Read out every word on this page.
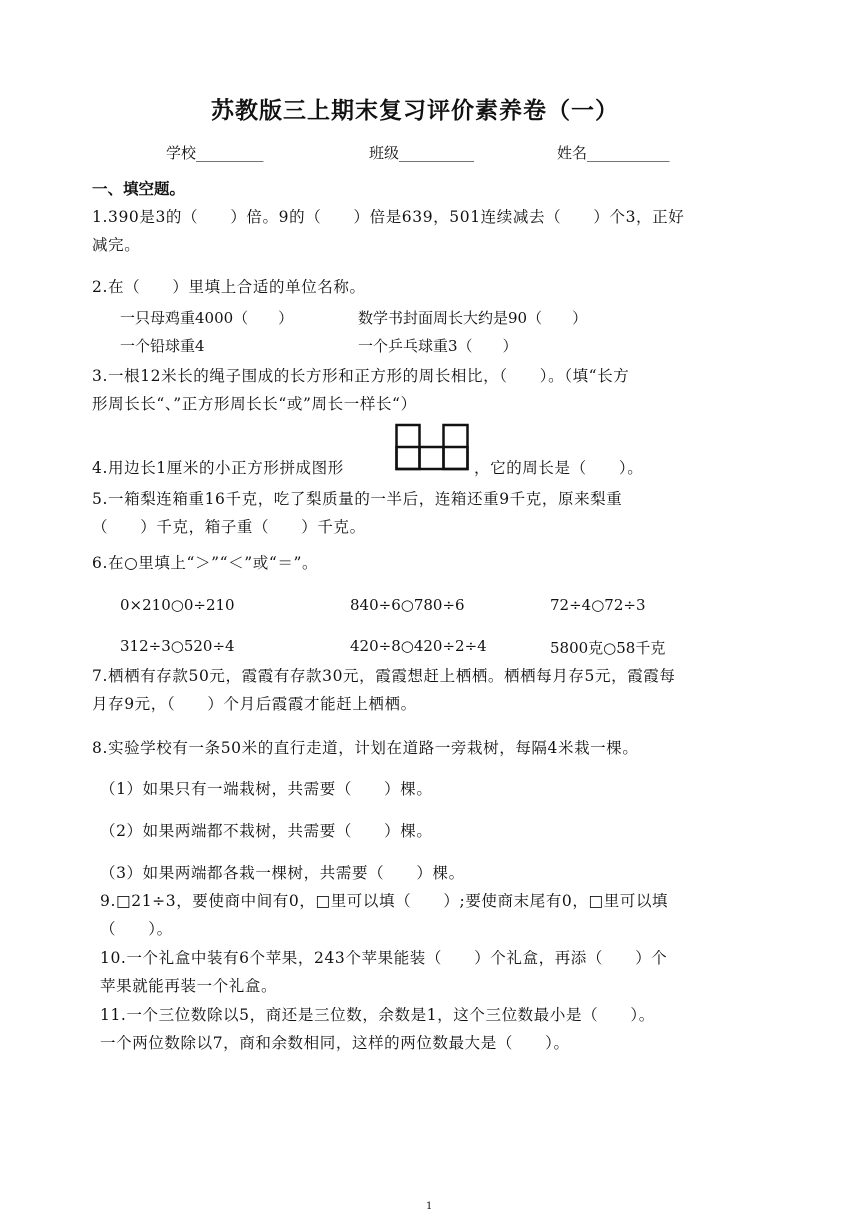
苏教版三上期末复习评价素养卷（一）
学校_________	班级__________	姓名___________
一、填空题。
1.390是3的（　　）倍。9的（　　）倍是639，501连续减去（　　）个3，正好
减完。
2.在（　　）里填上合适的单位名称。
一只母鸡重4000（　　）	数学书封面周长大约是90（　　）
一个铅球重4	一个乒乓球重3（　　）
3.一根12米长的绳子围成的长方形和正方形的周长相比，（　　）。（填“长方
形周长长“、”正方形周长长“或”周长一样长“）
4.用边长1厘米的小正方形拼成图形	，它的周长是（　　）。
5.一箱梨连箱重16千克，吃了梨质量的一半后，连箱还重9千克，原来梨重
（　　）千克，箱子重（　　）千克。
6.在○里填上“＞”“＜”或“＝”。
0×210○0÷210	840÷6○780÷6	72÷4○72÷3
312÷3○520÷4	420÷8○420÷2÷4	5800克○58千克
7.栖栖有存款50元，霞霞有存款30元，霞霞想赶上栖栖。栖栖每月存5元，霞霞每
月存9元，（　　）个月后霞霞才能赶上栖栖。
8.实验学校有一条50米的直行走道，计划在道路一旁栽树，每隔4米栽一棵。
（1）如果只有一端栽树，共需要（　　）棵。
（2）如果两端都不栽树，共需要（　　）棵。
（3）如果两端都各栽一棵树，共需要（　　）棵。
9.□21÷3，要使商中间有0，□里可以填（　　）;要使商末尾有0，□里可以填
（　　）。
10.一个礼盒中装有6个苹果，243个苹果能装（　　）个礼盒，再添（　　）个
苹果就能再装一个礼盒。
11.一个三位数除以5，商还是三位数，余数是1，这个三位数最小是（　　）。
一个两位数除以7，商和余数相同，这样的两位数最大是（　　）。
1
